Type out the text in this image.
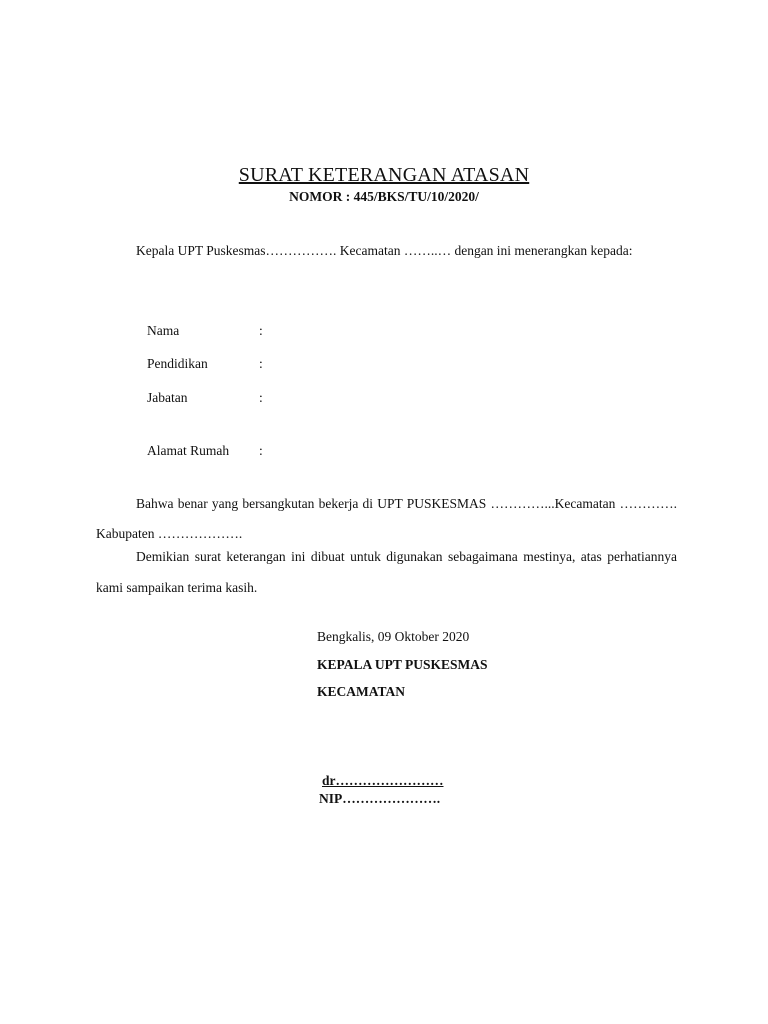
SURAT KETERANGAN ATASAN
NOMOR : 445/BKS/TU/10/2020/
Kepala UPT Puskesmas……………. Kecamatan ……..… dengan ini menerangkan kepada:
Nama	:
Pendidikan	:
Jabatan	:
Alamat Rumah :
Bahwa benar yang bersangkutan bekerja di UPT PUSKESMAS …………...Kecamatan …………. Kabupaten ……………….
Demikian surat keterangan ini dibuat untuk digunakan sebagaimana mestinya, atas perhatiannya kami sampaikan terima kasih.
Bengkalis, 09 Oktober 2020
KEPALA UPT PUSKESMAS
KECAMATAN
dr……………………
NIP………………….
